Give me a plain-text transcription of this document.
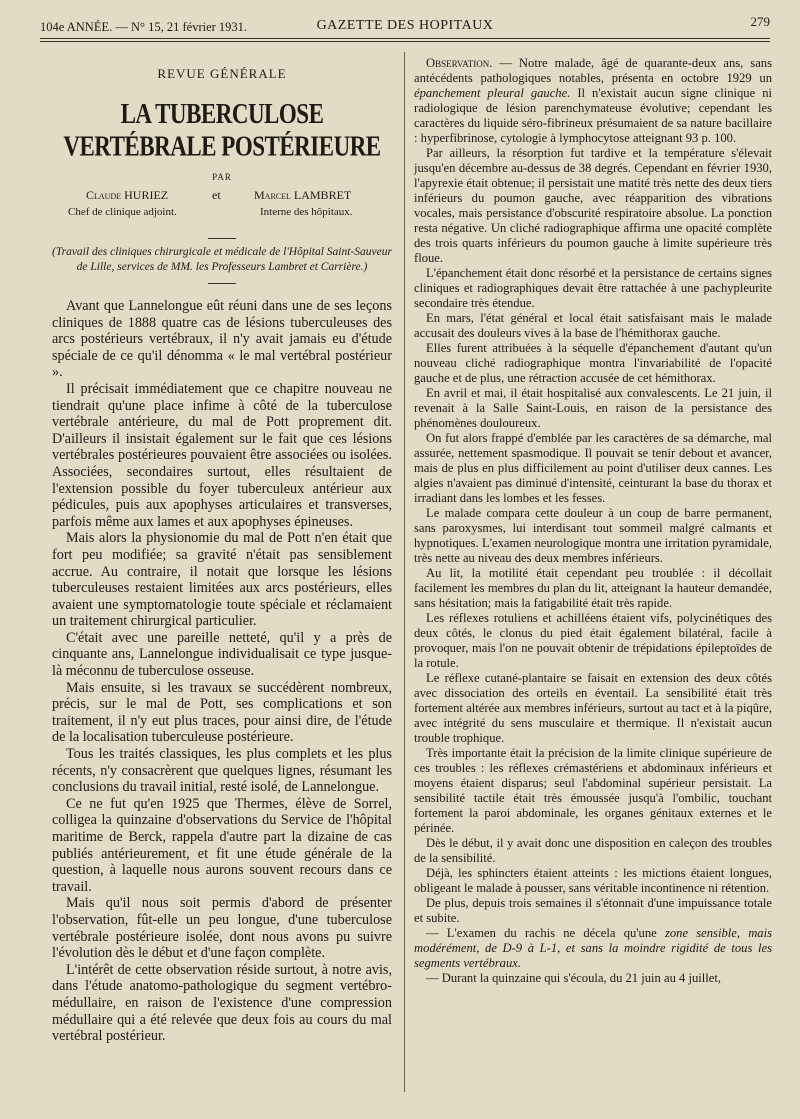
104e ANNÉE. — N° 15, 21 février 1931.	GAZETTE DES HOPITAUX	279
REVUE GÉNÉRALE
LA TUBERCULOSE VERTÉBRALE POSTÉRIEURE
PAR
Claude HURIEZ	et	Marcel LAMBRET
Chef de clinique adjoint.	Interne des hôpitaux.
(Travail des cliniques chirurgicale et médicale de l'Hôpital Saint-Sauveur de Lille, services de MM. les Professeurs Lambret et Carrière.)

Avant que Lannelongue eût réuni dans une de ses leçons cliniques de 1888 quatre cas de lésions tuberculeuses des arcs postérieurs vertébraux, il n'y avait jamais eu d'étude spéciale de ce qu'il dénomma « le mal vertébral postérieur ».

Il précisait immédiatement que ce chapitre nouveau ne tiendrait qu'une place infime à côté de la tuberculose vertébrale antérieure, du mal de Pott proprement dit. D'ailleurs il insistait également sur le fait que ces lésions vertébrales postérieures pouvaient être associées ou isolées. Associées, secondaires surtout, elles résultaient de l'extension possible du foyer tuberculeux antérieur aux pédicules, puis aux apophyses articulaires et transverses, parfois même aux lames et aux apophyses épineuses.

Mais alors la physionomie du mal de Pott n'en était que fort peu modifiée; sa gravité n'était pas sensiblement accrue. Au contraire, il notait que lorsque les lésions tuberculeuses restaient limitées aux arcs postérieurs, elles avaient une symptomatologie toute spéciale et réclamaient un traitement chirurgical particulier.

C'était avec une pareille netteté, qu'il y a près de cinquante ans, Lannelongue individualisait ce type jusque-là méconnu de tuberculose osseuse.

Mais ensuite, si les travaux se succédèrent nombreux, précis, sur le mal de Pott, ses complications et son traitement, il n'y eut plus traces, pour ainsi dire, de l'étude de la localisation tuberculeuse postérieure.

Tous les traités classiques, les plus complets et les plus récents, n'y consacrèrent que quelques lignes, résumant les conclusions du travail initial, resté isolé, de Lannelongue.

Ce ne fut qu'en 1925 que Thermes, élève de Sorrel, colligea la quinzaine d'observations du Service de l'hôpital maritime de Berck, rappela d'autre part la dizaine de cas publiés antérieurement, et fit une étude générale de la question, à laquelle nous aurons souvent recours dans ce travail.

Mais qu'il nous soit permis d'abord de présenter l'observation, fût-elle un peu longue, d'une tuberculose vertébrale postérieure isolée, dont nous avons pu suivre l'évolution dès le début et d'une façon complète.

L'intérêt de cette observation réside surtout, à notre avis, dans l'étude anatomo-pathologique du segment vertébro-médullaire, en raison de l'existence d'une compression médullaire qui a été relevée que deux fois au cours du mal vertébral postérieur.

Observation. — Notre malade, âgé de quarante-deux ans, sans antécédents pathologiques notables, présenta en octobre 1929 un épanchement pleural gauche. Il n'existait aucun signe clinique ni radiologique de lésion parenchymateuse évolutive; cependant les caractères du liquide séro-fibrineux présumaient de sa nature bacillaire : hyperfibrinose, cytologie à lymphocytose atteignant 93 p. 100.

Par ailleurs, la résorption fut tardive et la température s'élevait jusqu'en décembre au-dessus de 38 degrés. Cependant en février 1930, l'apyrexie était obtenue; il persistait une matité très nette des deux tiers inférieurs du poumon gauche, avec réapparition des vibrations vocales, mais persistance d'obscurité respiratoire absolue. La ponction resta négative. Un cliché radiographique affirma une opacité complète des trois quarts inférieurs du poumon gauche à limite supérieure très floue.

L'épanchement était donc résorbé et la persistance de certains signes cliniques et radiographiques devait être rattachée à une pachypleurite secondaire très étendue.

En mars, l'état général et local était satisfaisant mais le malade accusait des douleurs vives à la base de l'hémithorax gauche.

Elles furent attribuées à la séquelle d'épanchement d'autant qu'un nouveau cliché radiographique montra l'invariabilité de l'opacité gauche et de plus, une rétraction accusée de cet hémithorax.

En avril et mai, il était hospitalisé aux convalescents. Le 21 juin, il revenait à la Salle Saint-Louis, en raison de la persistance des phénomènes douloureux.

On fut alors frappé d'emblée par les caractères de sa démarche, mal assurée, nettement spasmodique. Il pouvait se tenir debout et avancer, mais de plus en plus difficilement au point d'utiliser deux cannes. Les algies n'avaient pas diminué d'intensité, ceinturant la base du thorax et irradiant dans les lombes et les fesses.

Le malade compara cette douleur à un coup de barre permanent, sans paroxysmes, lui interdisant tout sommeil malgré calmants et hypnotiques. L'examen neurologique montra une irritation pyramidale, très nette au niveau des deux membres inférieurs.

Au lit, la motilité était cependant peu troublée : il décollait facilement les membres du plan du lit, atteignant la hauteur demandée, sans hésitation; mais la fatigabilité était très rapide.

Les réflexes rotuliens et achilléens étaient vifs, polycinétiques des deux côtés, le clonus du pied était également bilatéral, facile à provoquer, mais l'on ne pouvait obtenir de trépidations épileptoïdes de la rotule.

Le réflexe cutané-plantaire se faisait en extension des deux côtés avec dissociation des orteils en éventail. La sensibilité était très fortement altérée aux membres inférieurs, surtout au tact et à la piqûre, avec intégrité du sens musculaire et thermique. Il n'existait aucun trouble trophique.

Très importante était la précision de la limite clinique supérieure de ces troubles : les réflexes crémastériens et abdominaux inférieurs et moyens étaient disparus; seul l'abdominal supérieur persistait. La sensibilité tactile était très émoussée jusqu'à l'ombilic, touchant fortement la paroi abdominale, les organes génitaux externes et le périnée.

Dès le début, il y avait donc une disposition en caleçon des troubles de la sensibilité.

Déjà, les sphincters étaient atteints : les mictions étaient longues, obligeant le malade à pousser, sans véritable incontinence ni rétention.

De plus, depuis trois semaines il s'étonnait d'une impuissance totale et subite.

— L'examen du rachis ne décela qu'une zone sensible, mais modérément, de D-9 à L-1, et sans la moindre rigidité de tous les segments vertébraux.

— Durant la quinzaine qui s'écoula, du 21 juin au 4 juillet,
